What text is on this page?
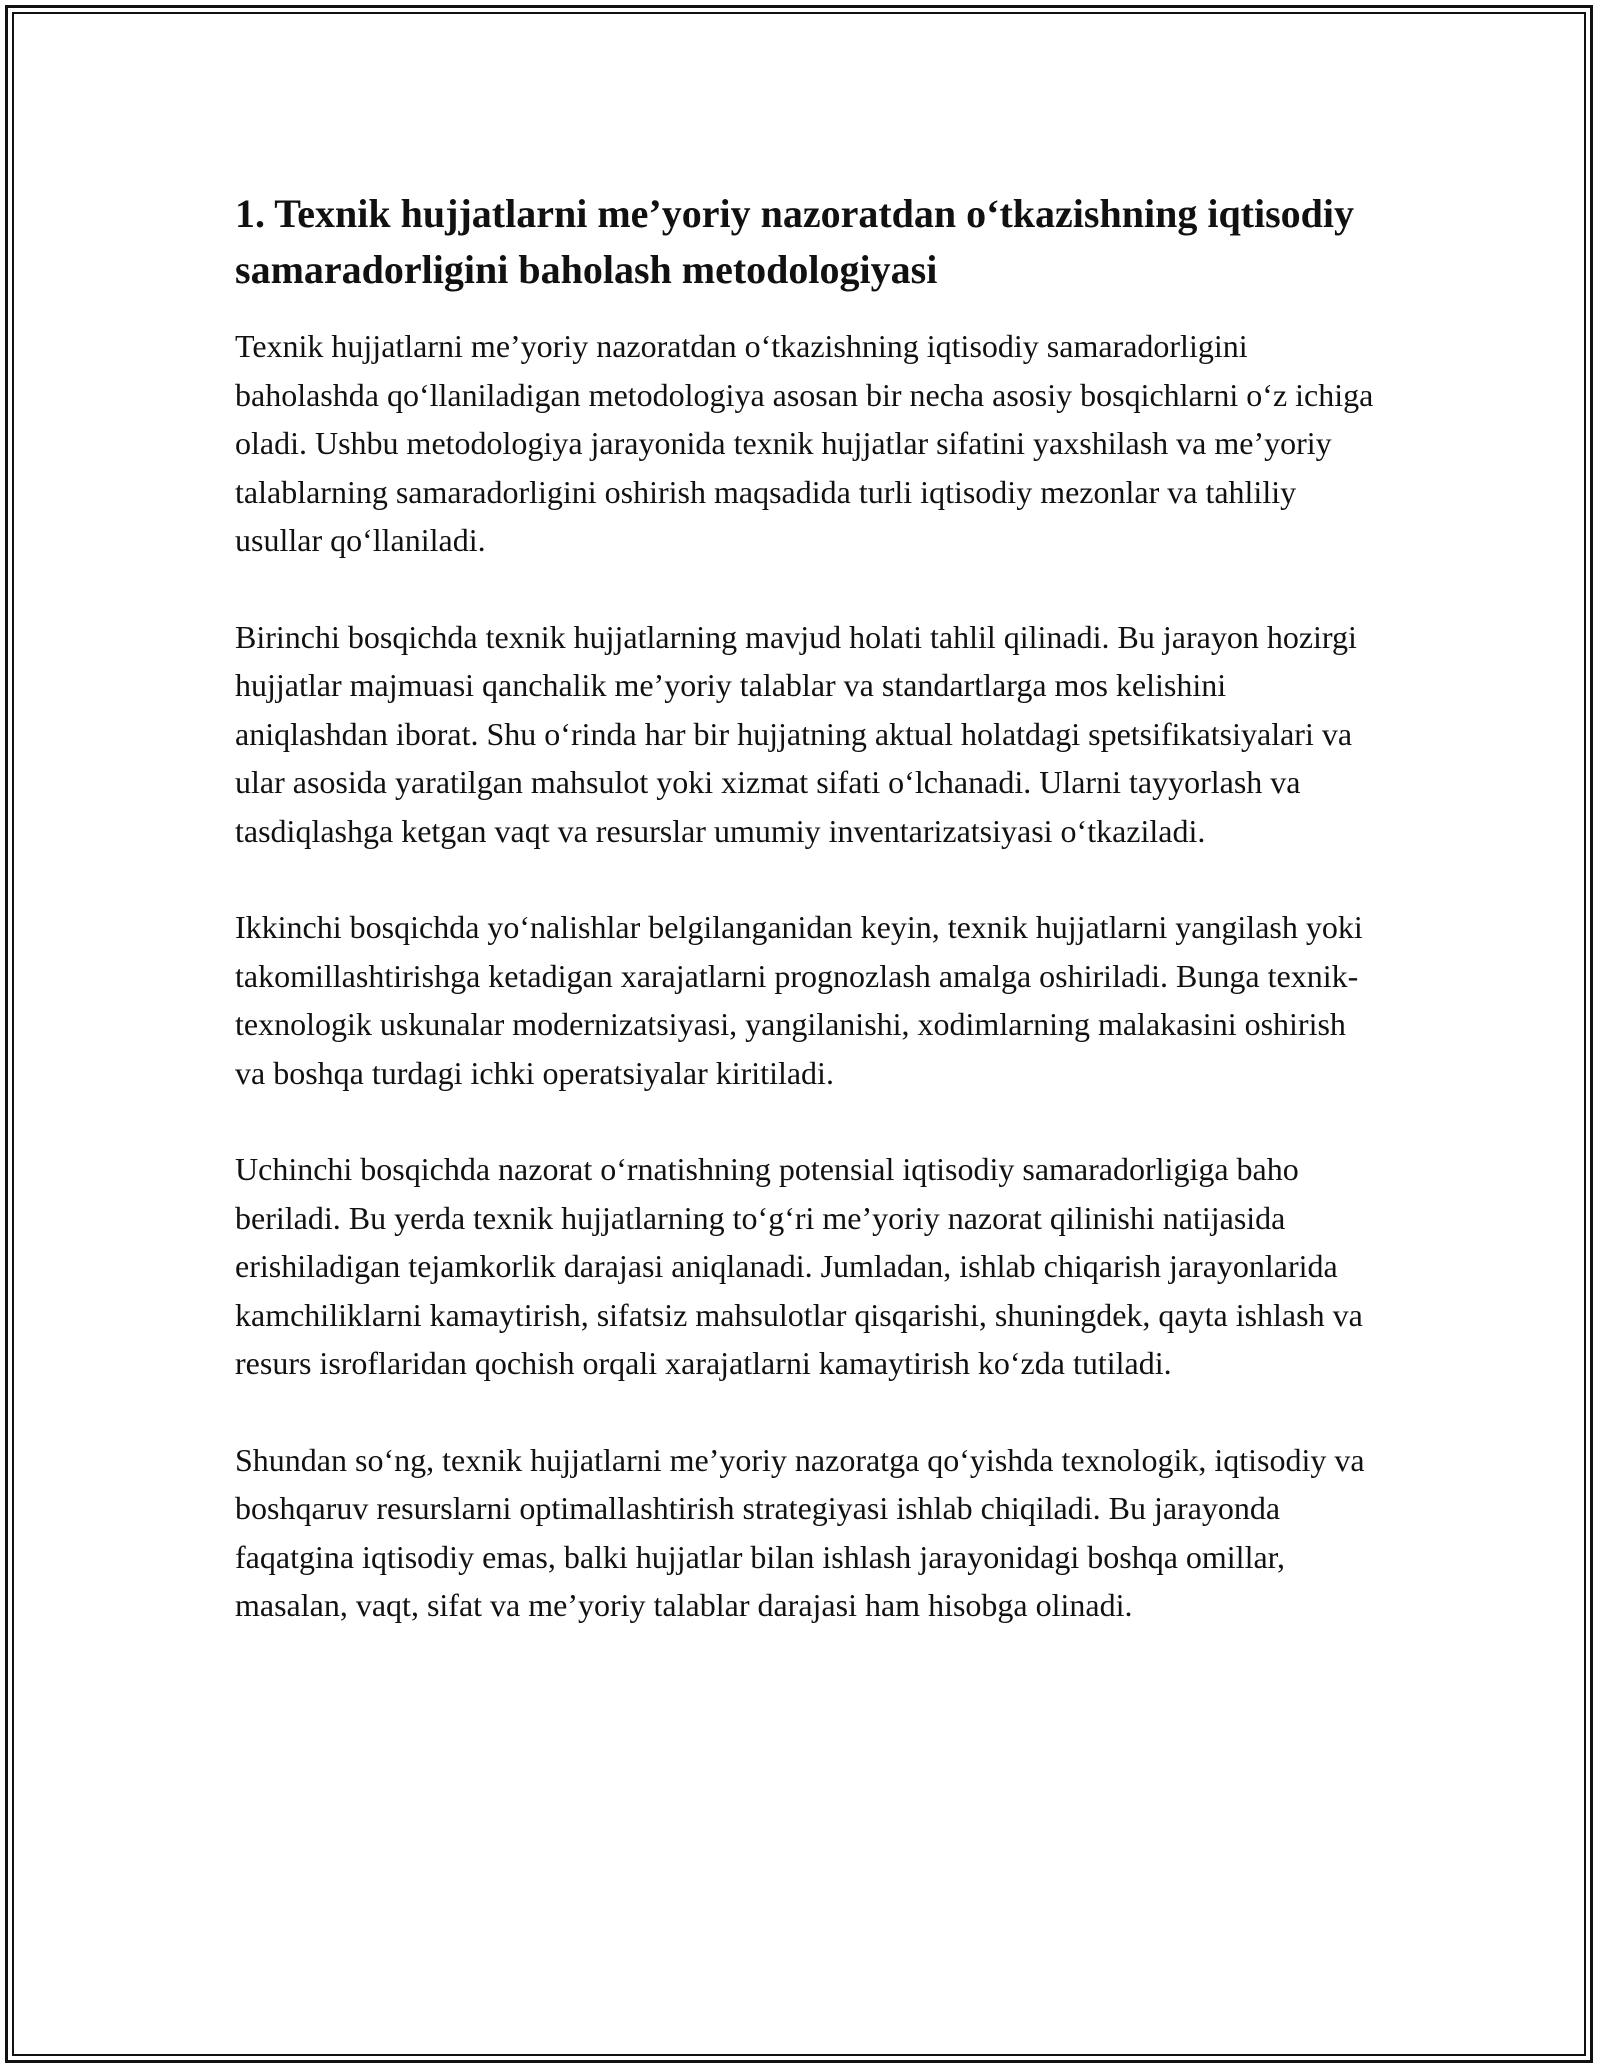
1. Texnik hujjatlarni me’yoriy nazoratdan o‘tkazishning iqtisodiy samaradorligini baholash metodologiyasi

Texnik hujjatlarni me’yoriy nazoratdan o‘tkazishning iqtisodiy samaradorligini baholashda qo‘llaniladigan metodologiya asosan bir necha asosiy bosqichlarni o‘z ichiga oladi. Ushbu metodologiya jarayonida texnik hujjatlar sifatini yaxshilash va me’yoriy talablarning samaradorligini oshirish maqsadida turli iqtisodiy mezonlar va tahliliy usullar qo‘llaniladi.

Birinchi bosqichda texnik hujjatlarning mavjud holati tahlil qilinadi. Bu jarayon hozirgi hujjatlar majmuasi qanchalik me’yoriy talablar va standartlarga mos kelishini aniqlashdan iborat. Shu o‘rinda har bir hujjatning aktual holatdagi spetsifikatsiyalari va ular asosida yaratilgan mahsulot yoki xizmat sifati o‘lchanadi. Ularni tayyorlash va tasdiqlashga ketgan vaqt va resurslar umumiy inventarizatsiyasi o‘tkaziladi.

Ikkinchi bosqichda yo‘nalishlar belgilanganidan keyin, texnik hujjatlarni yangilash yoki takomillashtirishga ketadigan xarajatlarni prognozlash amalga oshiriladi. Bunga texnik-texnologik uskunalar modernizatsiyasi, yangilanishi, xodimlarning malakasini oshirish va boshqa turdagi ichki operatsiyalar kiritiladi.

Uchinchi bosqichda nazorat o‘rnatishning potensial iqtisodiy samaradorligiga baho beriladi. Bu yerda texnik hujjatlarning to‘g‘ri me’yoriy nazorat qilinishi natijasida erishiladigan tejamkorlik darajasi aniqlanadi. Jumladan, ishlab chiqarish jarayonlarida kamchiliklarni kamaytirish, sifatsiz mahsulotlar qisqarishi, shuningdek, qayta ishlash va resurs isroflaridan qochish orqali xarajatlarni kamaytirish ko‘zda tutiladi.

Shundan so‘ng, texnik hujjatlarni me’yoriy nazoratga qo‘yishda texnologik, iqtisodiy va boshqaruv resurslarni optimallashtirish strategiyasi ishlab chiqiladi. Bu jarayonda faqatgina iqtisodiy emas, balki hujjatlar bilan ishlash jarayonidagi boshqa omillar, masalan, vaqt, sifat va me’yoriy talablar darajasi ham hisobga olinadi.
